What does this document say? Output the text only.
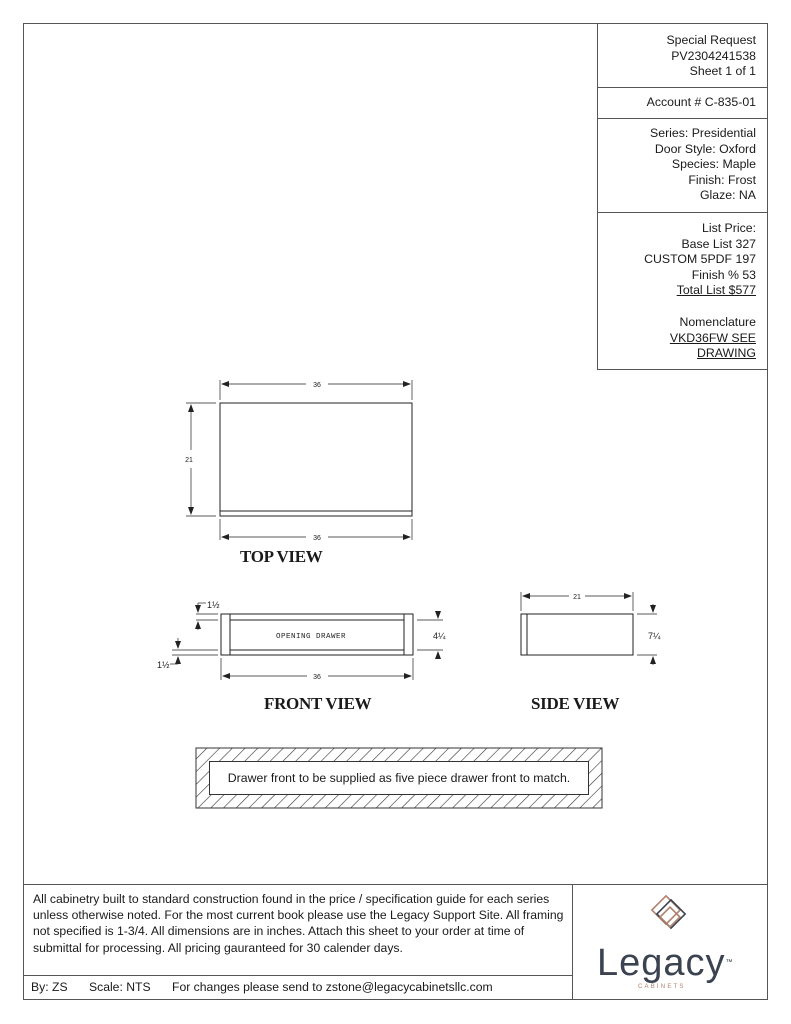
Special Request
PV2304241538
Sheet 1 of 1
Account # C-835-01
Series: Presidential
Door Style: Oxford
Species: Maple
Finish: Frost
Glaze: NA
List Price:
Base List 327
CUSTOM 5PDF 197
Finish % 53
Total List $577
Nomenclature
VKD36FW SEE
DRAWING
36
36
21
OPENING DRAWER
36
4¼
1½
1½
21
7¼
TOP VIEW
FRONT VIEW	SIDE VIEW
Drawer front to be supplied as five piece drawer front to match.
All cabinetry built to standard construction found in the price / specification guide for each series unless otherwise noted. For the most current book please use the Legacy Support Site. All framing not specified is 1-3/4. All dimensions are in inches. Attach this sheet to your order at time of submittal for processing. All pricing gauranteed for 30 calender days.
By: ZS Scale: NTS For changes please send to zstone@legacycabinetsllc.com
Legacy™
CABINETS
